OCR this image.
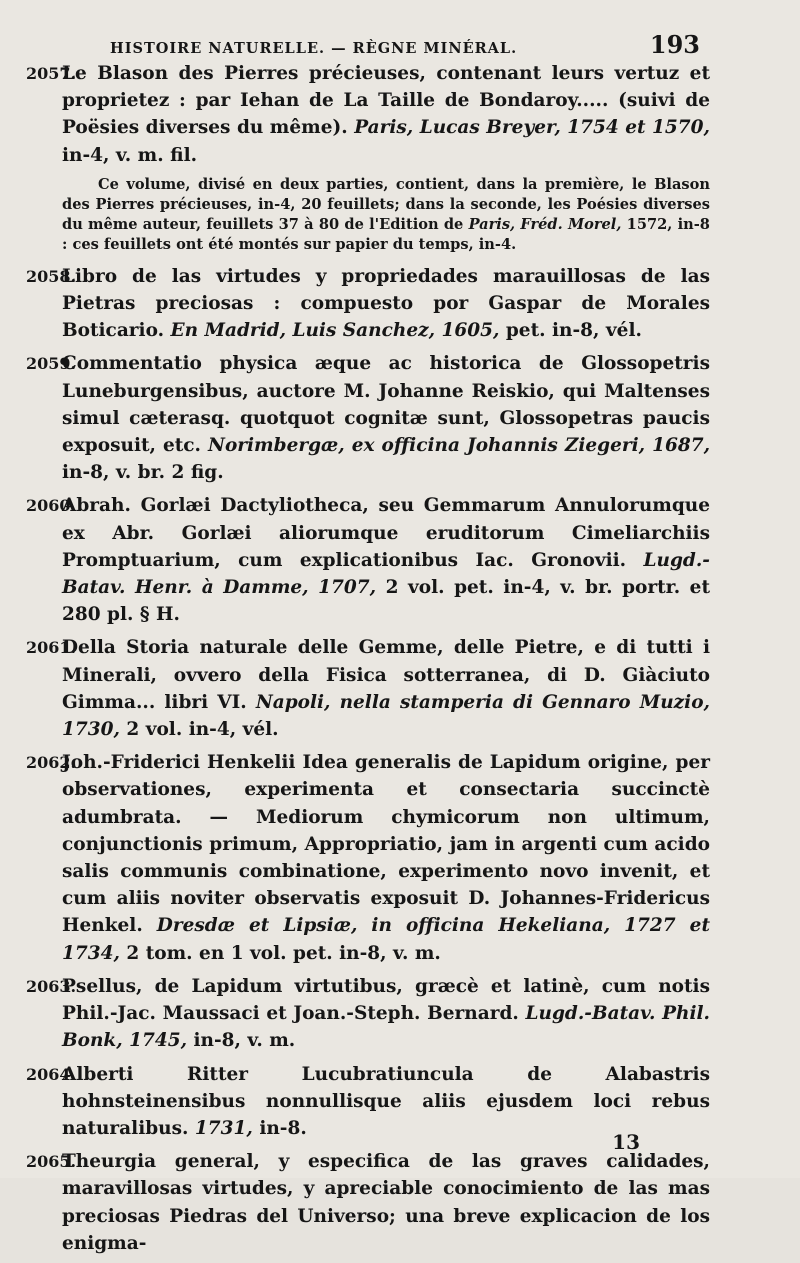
HISTOIRE NATURELLE. — RÈGNE MINÉRAL.	193
2057.
Le Blason des Pierres précieuses, contenant leurs vertuz et proprietez : par Iehan de La Taille de Bondaroy..... (suivi de Poësies diverses du même). Paris, Lucas Breyer, 1754 et 1570, in-4, v. m. fil.
Ce volume, divisé en deux parties, contient, dans la première, le Blason des Pierres précieuses, in-4, 20 feuillets; dans la seconde, les Poésies diverses du même auteur, feuillets 37 à 80 de l'Edition de Paris, Fréd. Morel, 1572, in-8 : ces feuillets ont été montés sur papier du temps, in-4.
2058.
Libro de las virtudes y propriedades marauillosas de las Pietras preciosas : compuesto por Gaspar de Morales Boticario. En Madrid, Luis Sanchez, 1605, pet. in-8, vél.
2059.
Commentatio physica æque ac historica de Glossopetris Luneburgensibus, auctore M. Johanne Reiskio, qui Maltenses simul cæterasq. quotquot cognitæ sunt, Glossopetras paucis exposuit, etc. Norimbergæ, ex officina Johannis Ziegeri, 1687, in-8, v. br. 2 fig.
2060.
Abrah. Gorlæi Dactyliotheca, seu Gemmarum Annulorumque ex Abr. Gorlæi aliorumque eruditorum Cimeliarchiis Promptuarium, cum explicationibus Iac. Gronovii. Lugd.-Batav. Henr. à Damme, 1707, 2 vol. pet. in-4, v. br. portr. et 280 pl. § H.
2061.
Della Storia naturale delle Gemme, delle Pietre, e di tutti i Minerali, ovvero della Fisica sotterranea, di D. Giàciuto Gimma... libri VI. Napoli, nella stamperia di Gennaro Muzio, 1730, 2 vol. in-4, vél.
2062.
Joh.-Friderici Henkelii Idea generalis de Lapidum origine, per observationes, experimenta et consectaria succinctè adumbrata. — Mediorum chymicorum non ultimum, conjunctionis primum, Appropriatio, jam in argenti cum acido salis communis combinatione, experimento novo invenit, et cum aliis noviter observatis exposuit D. Johannes-Fridericus Henkel. Dresdæ et Lipsiæ, in officina Hekeliana, 1727 et 1734, 2 tom. en 1 vol. pet. in-8, v. m.
2063.
Psellus, de Lapidum virtutibus, græcè et latinè, cum notis Phil.-Jac. Maussaci et Joan.-Steph. Bernard. Lugd.-Batav. Phil. Bonk, 1745, in-8, v. m.
2064.
Alberti Ritter Lucubratiuncula de Alabastris hohnsteinensibus nonnullisque aliis ejusdem loci rebus naturalibus. 1731, in-8.
2065.
Theurgia general, y especifica de las graves calidades, maravillosas virtudes, y apreciable conocimiento de las mas preciosas Piedras del Universo; una breve explicacion de los enigma-
13
